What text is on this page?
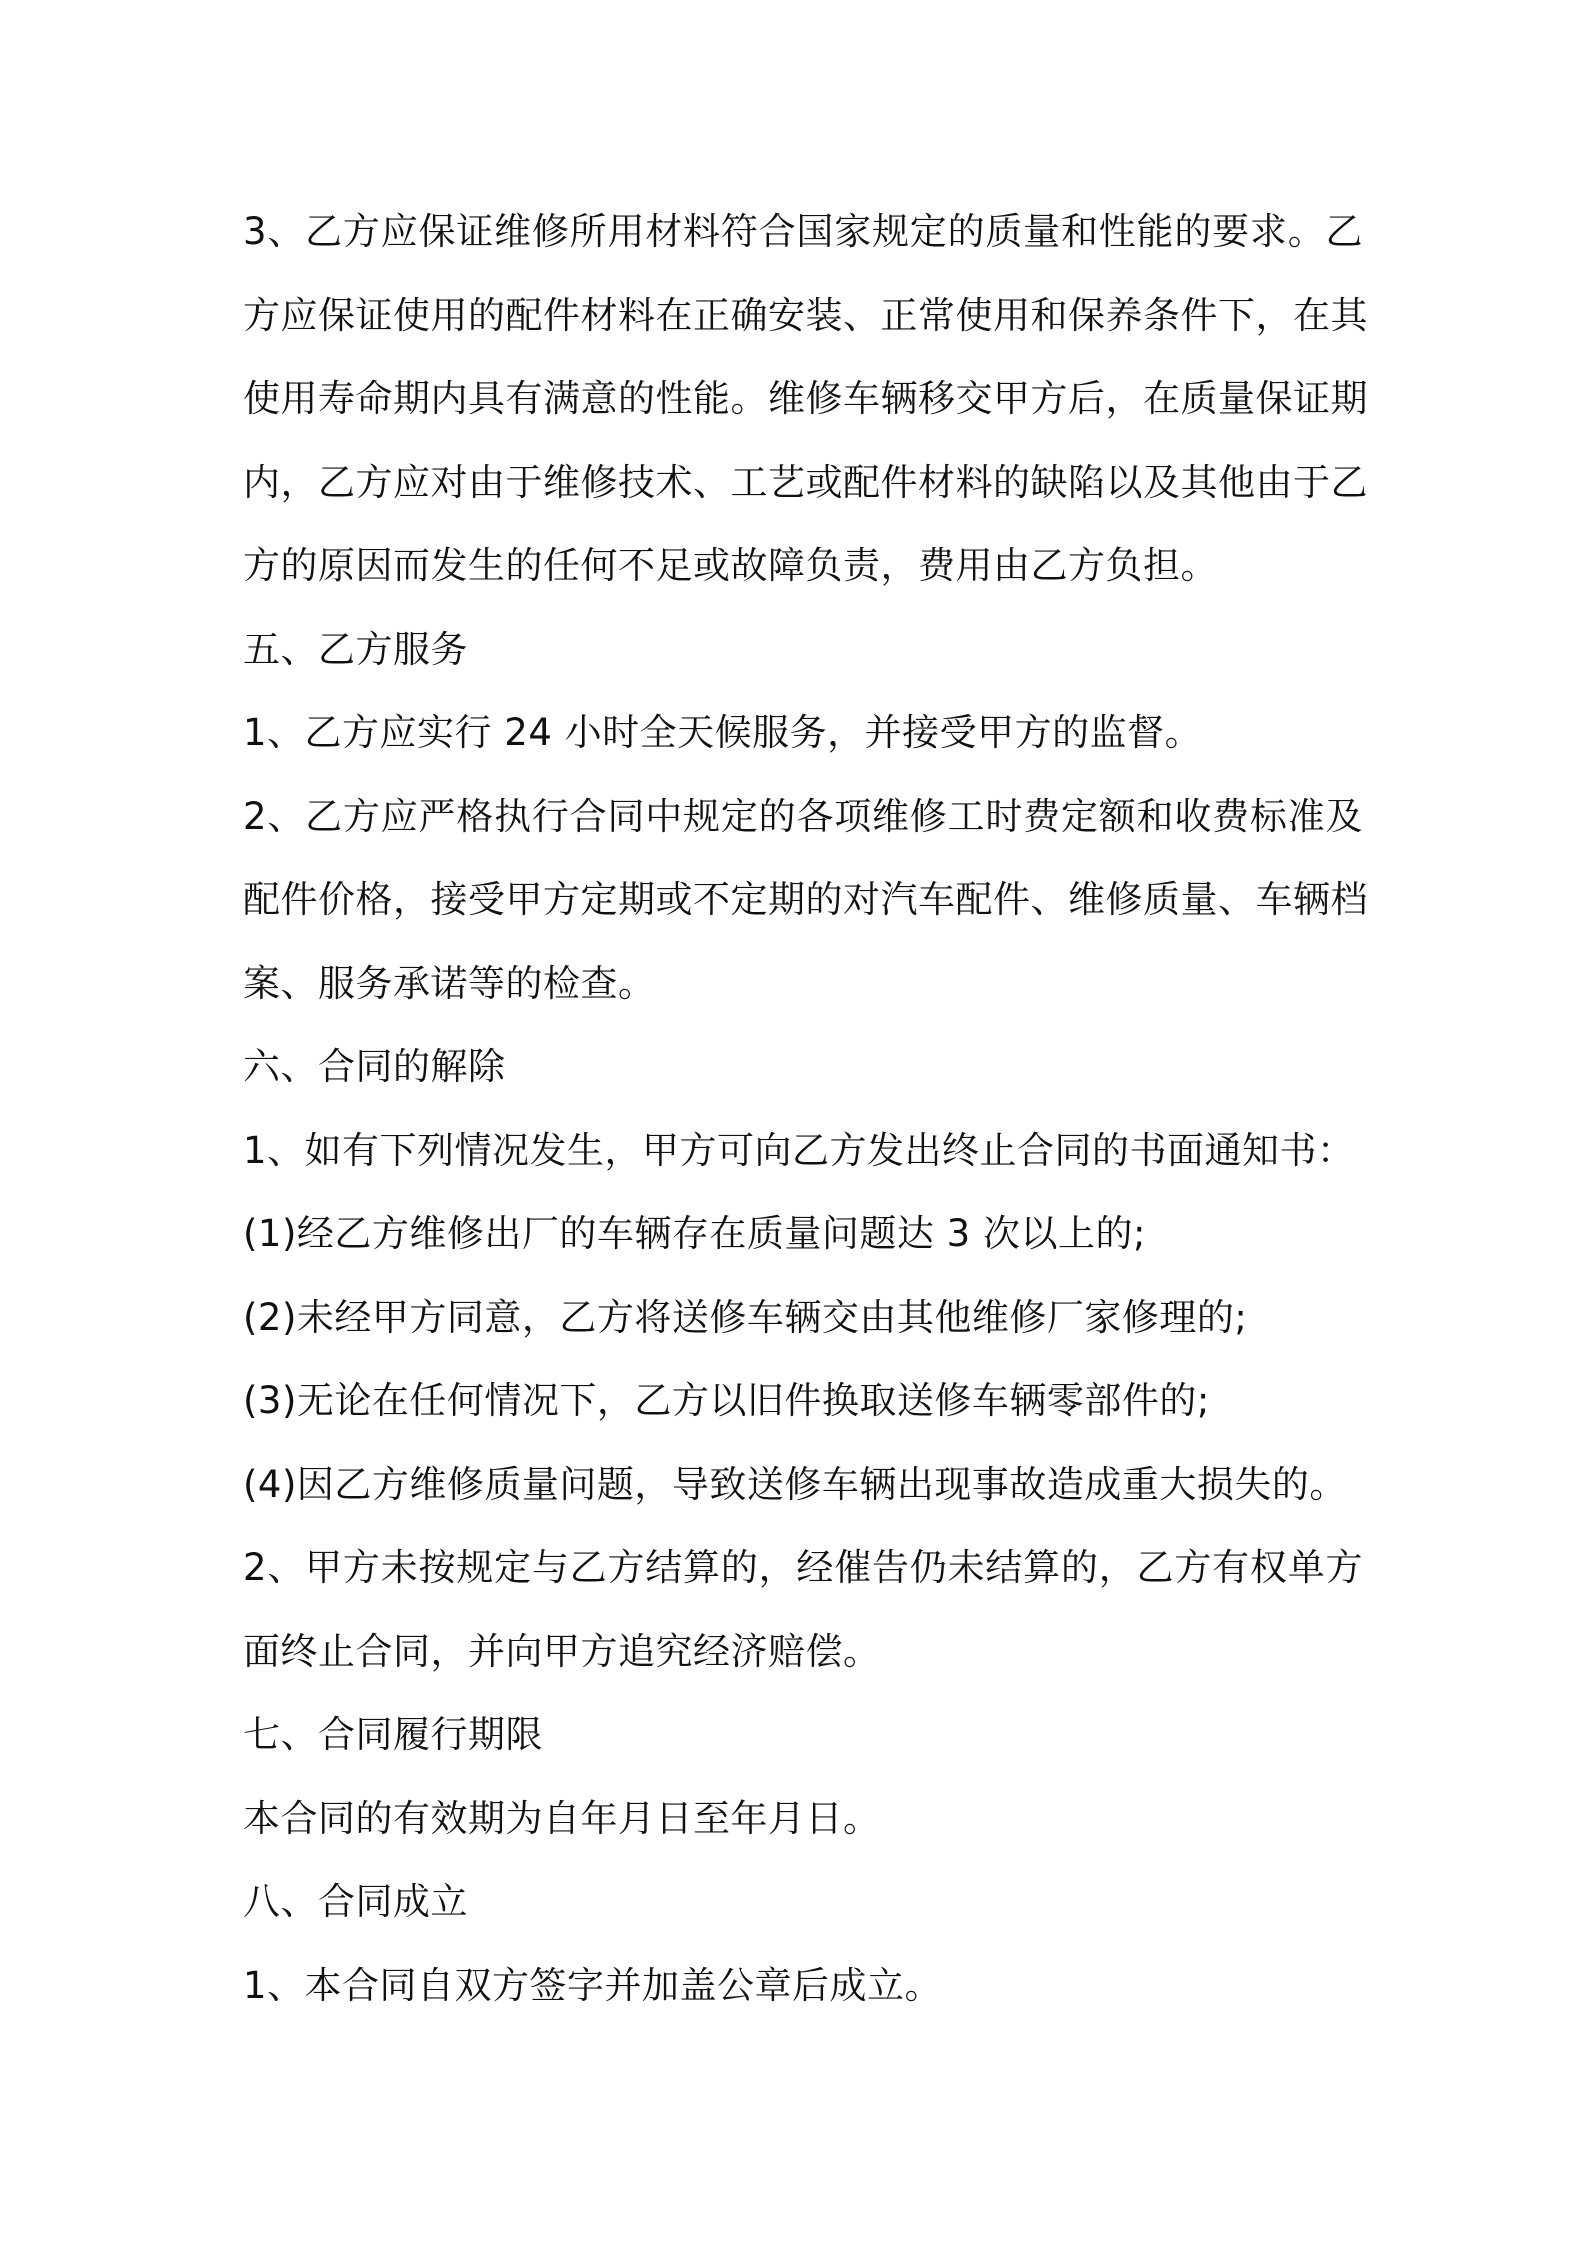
3、乙方应保证维修所用材料符合国家规定的质量和性能的要求。乙
方应保证使用的配件材料在正确安装、正常使用和保养条件下，在其
使用寿命期内具有满意的性能。维修车辆移交甲方后，在质量保证期
内，乙方应对由于维修技术、工艺或配件材料的缺陷以及其他由于乙
方的原因而发生的任何不足或故障负责，费用由乙方负担。
五、乙方服务
1、乙方应实行 24 小时全天候服务，并接受甲方的监督。
2、乙方应严格执行合同中规定的各项维修工时费定额和收费标准及
配件价格，接受甲方定期或不定期的对汽车配件、维修质量、车辆档
案、服务承诺等的检查。
六、合同的解除
1、如有下列情况发生，甲方可向乙方发出终止合同的书面通知书：
(1)经乙方维修出厂的车辆存在质量问题达 3 次以上的;
(2)未经甲方同意，乙方将送修车辆交由其他维修厂家修理的;
(3)无论在任何情况下，乙方以旧件换取送修车辆零部件的;
(4)因乙方维修质量问题，导致送修车辆出现事故造成重大损失的。
2、甲方未按规定与乙方结算的，经催告仍未结算的，乙方有权单方
面终止合同，并向甲方追究经济赔偿。
七、合同履行期限
本合同的有效期为自年月日至年月日。
八、合同成立
1、本合同自双方签字并加盖公章后成立。
